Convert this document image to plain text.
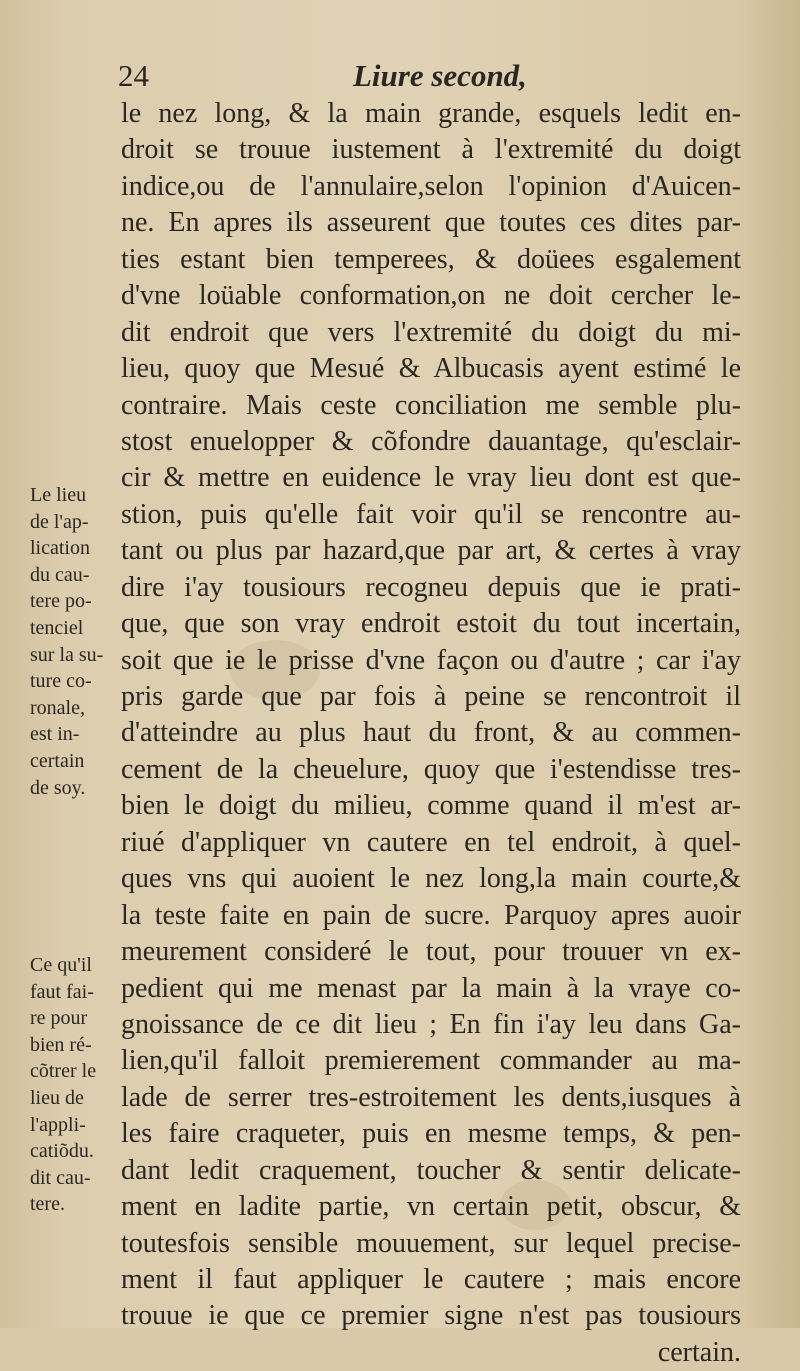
24	Liure second,
Le lieu
de l'ap-
lication
du cau-
tere po-
tenciel
sur la su-
ture co-
ronale,
est in-
certain
de soy.
Ce qu'il
faut fai-
re pour
bien ré-
cõtrer le
lieu de
l'appli-
catiõdu.
dit cau-
tere.
le nez long, & la main grande, esquels ledit en-
droit se trouue iustement à l'extremité du doigt
indice,ou de l'annulaire,selon l'opinion d'Auicen-
ne. En apres ils asseurent que toutes ces dites par-
ties estant bien temperees, & doüees esgalement
d'vne loüable conformation,on ne doit cercher le-
dit endroit que vers l'extremité du doigt du mi-
lieu, quoy que Mesué & Albucasis ayent estimé le
contraire. Mais ceste conciliation me semble plu-
stost enuelopper & cõfondre dauantage, qu'esclair-
cir & mettre en euidence le vray lieu dont est que-
stion, puis qu'elle fait voir qu'il se rencontre au-
tant ou plus par hazard,que par art, & certes à vray
dire i'ay tousiours recogneu depuis que ie prati-
que, que son vray endroit estoit du tout incertain,
soit que ie le prisse d'vne façon ou d'autre ; car i'ay
pris garde que par fois à peine se rencontroit il
d'atteindre au plus haut du front, & au commen-
cement de la cheuelure, quoy que i'estendisse tres-
bien le doigt du milieu, comme quand il m'est ar-
riué d'appliquer vn cautere en tel endroit, à quel-
ques vns qui auoient le nez long,la main courte,&
la teste faite en pain de sucre. Parquoy apres auoir
meurement consideré le tout, pour trouuer vn ex-
pedient qui me menast par la main à la vraye co-
gnoissance de ce dit lieu ; En fin i'ay leu dans Ga-
lien,qu'il falloit premierement commander au ma-
lade de serrer tres-estroitement les dents,iusques à
les faire craqueter, puis en mesme temps, & pen-
dant ledit craquement, toucher & sentir delicate-
ment en ladite partie, vn certain petit, obscur, &
toutesfois sensible mouuement, sur lequel precise-
ment il faut appliquer le cautere ; mais encore
trouue ie que ce premier signe n'est pas tousiours
certain.
